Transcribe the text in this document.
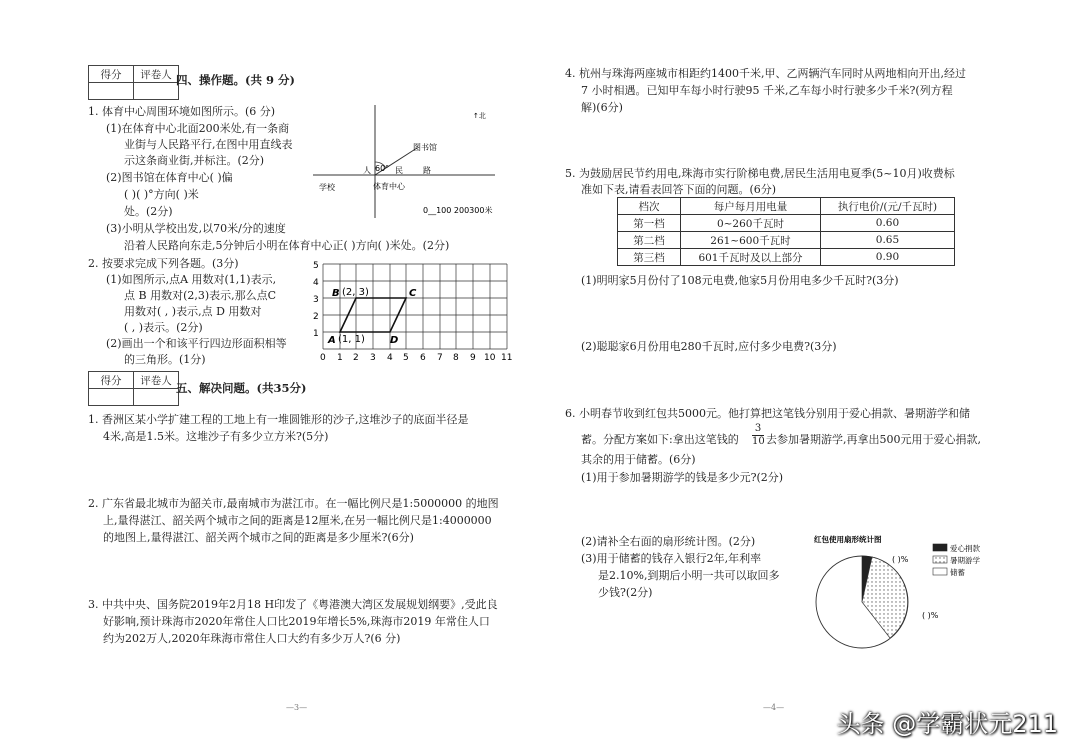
得分	评卷人
	四、操作题。(共 9 分)
1. 体育中心周围环境如图所示。(6 分)
(1)在体育中心北面200米处,有一条商
业街与人民路平行,在图中用直线表
示这条商业街,并标注。(2分)
(2)图书馆在体育中心( )偏
( )( )°方向( )米
处。(2分)
(3)小明从学校出发,以70米/分的速度
沿着人民路向东走,5分钟后小明在体育中心正( )方向( )米处。(2分)
↑北
图书馆
60°
人	民	路
学校	体育中心
0__100 200300米
2. 按要求完成下列各题。(3分)
(1)如图所示,点A 用数对(1,1)表示,
点 B 用数对(2,3)表示,那么点C
用数对( , )表示,点 D 用数对
( , )表示。(2分)
(2)画出一个和该平行四边形面积相等
的三角形。(1分)
5
4
3
2
1
0 1 2 3 4 5 6 7 8 9 10 11
B (2, 3)	C
A (1, 1)	D
得分	评卷人

五、解决问题。(共35分)
1. 香洲区某小学扩建工程的工地上有一堆圆锥形的沙子,这堆沙子的底面半径是
4米,高是1.5米。这堆沙子有多少立方米?(5分)
2. 广东省最北城市为韶关市,最南城市为湛江市。在一幅比例尺是1:5000000 的地图
上,量得湛江、韶关两个城市之间的距离是12厘米,在另一幅比例尺是1:4000000
的地图上,量得湛江、韶关两个城市之间的距离是多少厘米?(6分)
3. 中共中央、国务院2019年2月18 H印发了《粤港澳大湾区发展规划纲要》,受此良
好影响,预计珠海市2020年常住人口比2019年增长5%,珠海市2019 年常住人口
约为202万人,2020年珠海市常住人口大约有多少万人?(6 分)
—3—
4. 杭州与珠海两座城市相距约1400千米,甲、乙两辆汽车同时从两地相向开出,经过
7 小时相遇。已知甲车每小时行驶95 千米,乙车每小时行驶多少千米?(列方程
解)(6分)
5. 为鼓励居民节约用电,珠海市实行阶梯电费,居民生活用电夏季(5~10月)收费标
准如下表,请看表回答下面的问题。(6分)
档次	每户每月用电量	执行电价/(元/千瓦时)
第一档	0~260千瓦时	0.60
第二档	261~600千瓦时	0.65
第三档	601千瓦时及以上部分	0.90
(1)明明家5月份付了108元电费,他家5月份用电多少千瓦时?(3分)
(2)聪聪家6月份用电280千瓦时,应付多少电费?(3分)
6. 小明春节收到红包共5000元。他打算把这笔钱分别用于爱心捐款、暑期游学和储
蓄。分配方案如下:拿出这笔钱的 $\frac{3}{10}$ 去参加暑期游学,再拿出500元用于爱心捐款,
其余的用于储蓄。(6分)
(1)用于参加暑期游学的钱是多少元?(2分)
(2)请补全右面的扇形统计图。(2分)
(3)用于储蓄的钱存入银行2年,年利率
是2.10%,到期后小明一共可以取回多
少钱?(2分)
红包使用扇形统计图
( )%
( )%
爱心捐款
暑期游学
储蓄
—4—
头条 @学霸状元211
